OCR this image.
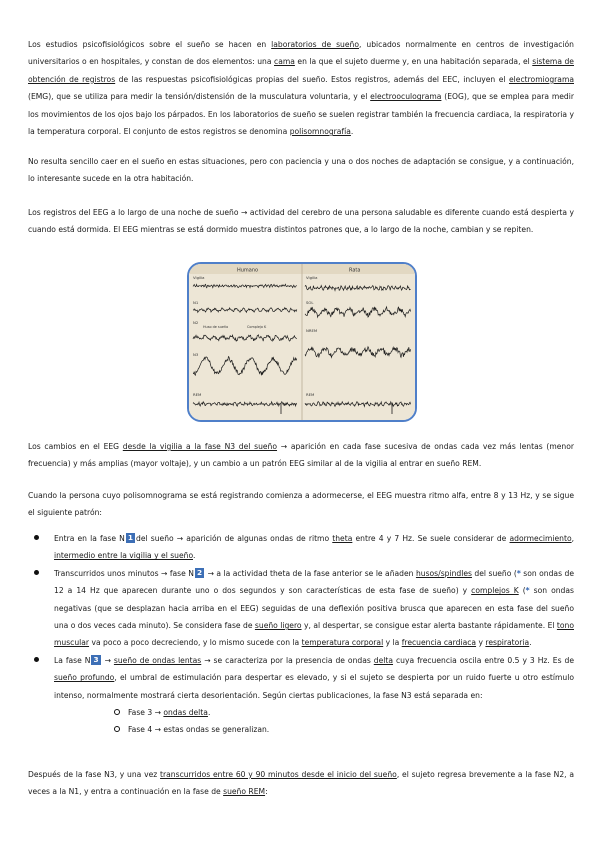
Los estudios psicofisiológicos sobre el sueño se hacen en laboratorios de sueño, ubicados normalmente en centros de investigación universitarios o en hospitales, y constan de dos elementos: una cama en la que el sujeto duerme y, en una habitación separada, el sistema de obtención de registros de las respuestas psicofisiológicas propias del sueño. Estos registros, además del EEC, incluyen el electromiograma (EMG), que se utiliza para medir la tensión/distensión de la musculatura voluntaria, y el electrooculograma (EOG), que se emplea para medir los movimientos de los ojos bajo los párpados. En los laboratorios de sueño se suelen registrar también la frecuencia cardiaca, la respiratoria y la temperatura corporal. El conjunto de estos registros se denomina polisomnografía.

No resulta sencillo caer en el sueño en estas situaciones, pero con paciencia y una o dos noches de adaptación se consigue, y a continuación, lo interesante sucede en la otra habitación.

Los registros del EEG a lo largo de una noche de sueño → actividad del cerebro de una persona saludable es diferente cuando está despierta y cuando está dormida. El EEG mientras se está dormido muestra distintos patrones que, a lo largo de la noche, cambian y se repiten.

Humano	Rata
Vigilia
N1
N2
N3
REM
Huso de sueño	Complejo K
Vigilia
SOL
NREM
REM

Los cambios en el EEG desde la vigilia a la fase N3 del sueño → aparición en cada fase sucesiva de ondas cada vez más lentas (menor frecuencia) y más amplias (mayor voltaje), y un cambio a un patrón EEG similar al de la vigilia al entrar en sueño REM.

Cuando la persona cuyo polisomnograma se está registrando comienza a adormecerse, el EEG muestra ritmo alfa, entre 8 y 13 Hz, y se sigue el siguiente patrón:

Entra en la fase N 1 del sueño → aparición de algunas ondas de ritmo theta entre 4 y 7 Hz. Se suele considerar de adormecimiento, intermedio entre la vigilia y el sueño.
Transcurridos unos minutos → fase N 2 → a la actividad theta de la fase anterior se le añaden husos/spindles del sueño (* son ondas de 12 a 14 Hz que aparecen durante uno o dos segundos y son características de esta fase de sueño) y complejos K (* son ondas negativas (que se desplazan hacia arriba en el EEG) seguidas de una deflexión positiva brusca que aparecen en esta fase del sueño una o dos veces cada minuto). Se considera fase de sueño ligero y, al despertar, se consigue estar alerta bastante rápidamente. El tono muscular va poco a poco decreciendo, y lo mismo sucede con la temperatura corporal y la frecuencia cardiaca y respiratoria.
La fase N 3 → sueño de ondas lentas → se caracteriza por la presencia de ondas delta cuya frecuencia oscila entre 0.5 y 3 Hz. Es de sueño profundo, el umbral de estimulación para despertar es elevado, y si el sujeto se despierta por un ruido fuerte u otro estímulo intenso, normalmente mostrará cierta desorientación. Según ciertas publicaciones, la fase N3 está separada en:
Fase 3 → ondas delta.
Fase 4 → estas ondas se generalizan.

Después de la fase N3, y una vez transcurridos entre 60 y 90 minutos desde el inicio del sueño, el sujeto regresa brevemente a la fase N2, a veces a la N1, y entra a continuación en la fase de sueño REM:
